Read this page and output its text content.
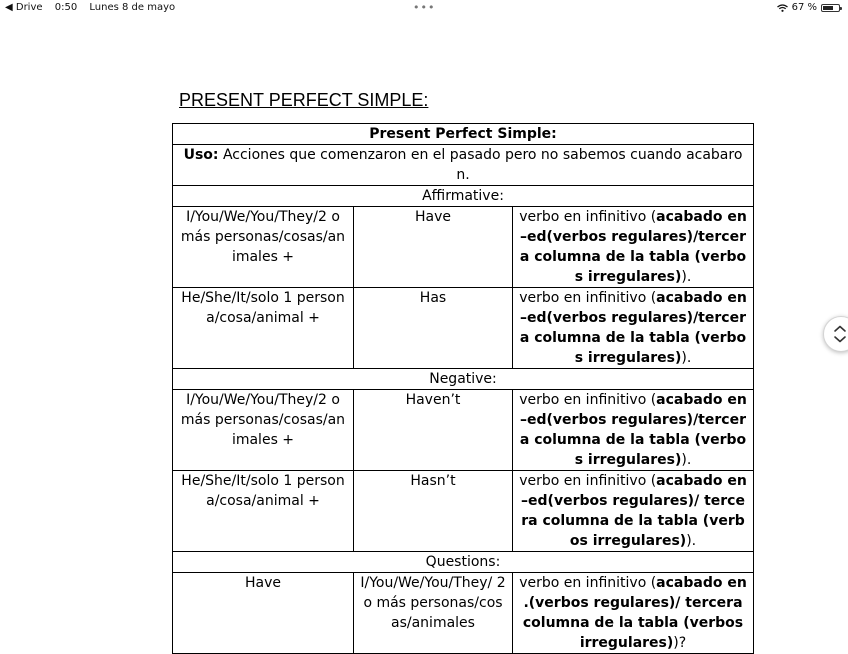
◀ Drive 0:50 Lunes 8 de mayo	•••	67 %
PRESENT PERFECT SIMPLE:
Present Perfect Simple:		
Uso: Acciones que comenzaron en el pasado pero no sabemos cuando acabaron.		
Affirmative:		
I/You/We/You/They/2 o más personas/cosas/animales +	Have	verbo en infinitivo (acabado en –ed(verbos regulares)/tercera columna de la tabla (verbos irregulares)).
He/She/It/solo 1 persona/cosa/animal +	Has	verbo en infinitivo (acabado en –ed(verbos regulares)/tercera columna de la tabla (verbos irregulares)).
Negative:		
I/You/We/You/They/2 o más personas/cosas/animales +	Haven’t	verbo en infinitivo (acabado en –ed(verbos regulares)/tercera columna de la tabla (verbos irregulares)).
He/She/It/solo 1 persona/cosa/animal +	Hasn’t	verbo en infinitivo (acabado en –ed(verbos regulares)/ tercera columna de la tabla (verbos irregulares)).
Questions:		
Have	I/You/We/You/They/ 2 o más personas/cosas/animales	verbo en infinitivo (acabado en .(verbos regulares)/ tercera columna de la tabla (verbos irregulares))?
